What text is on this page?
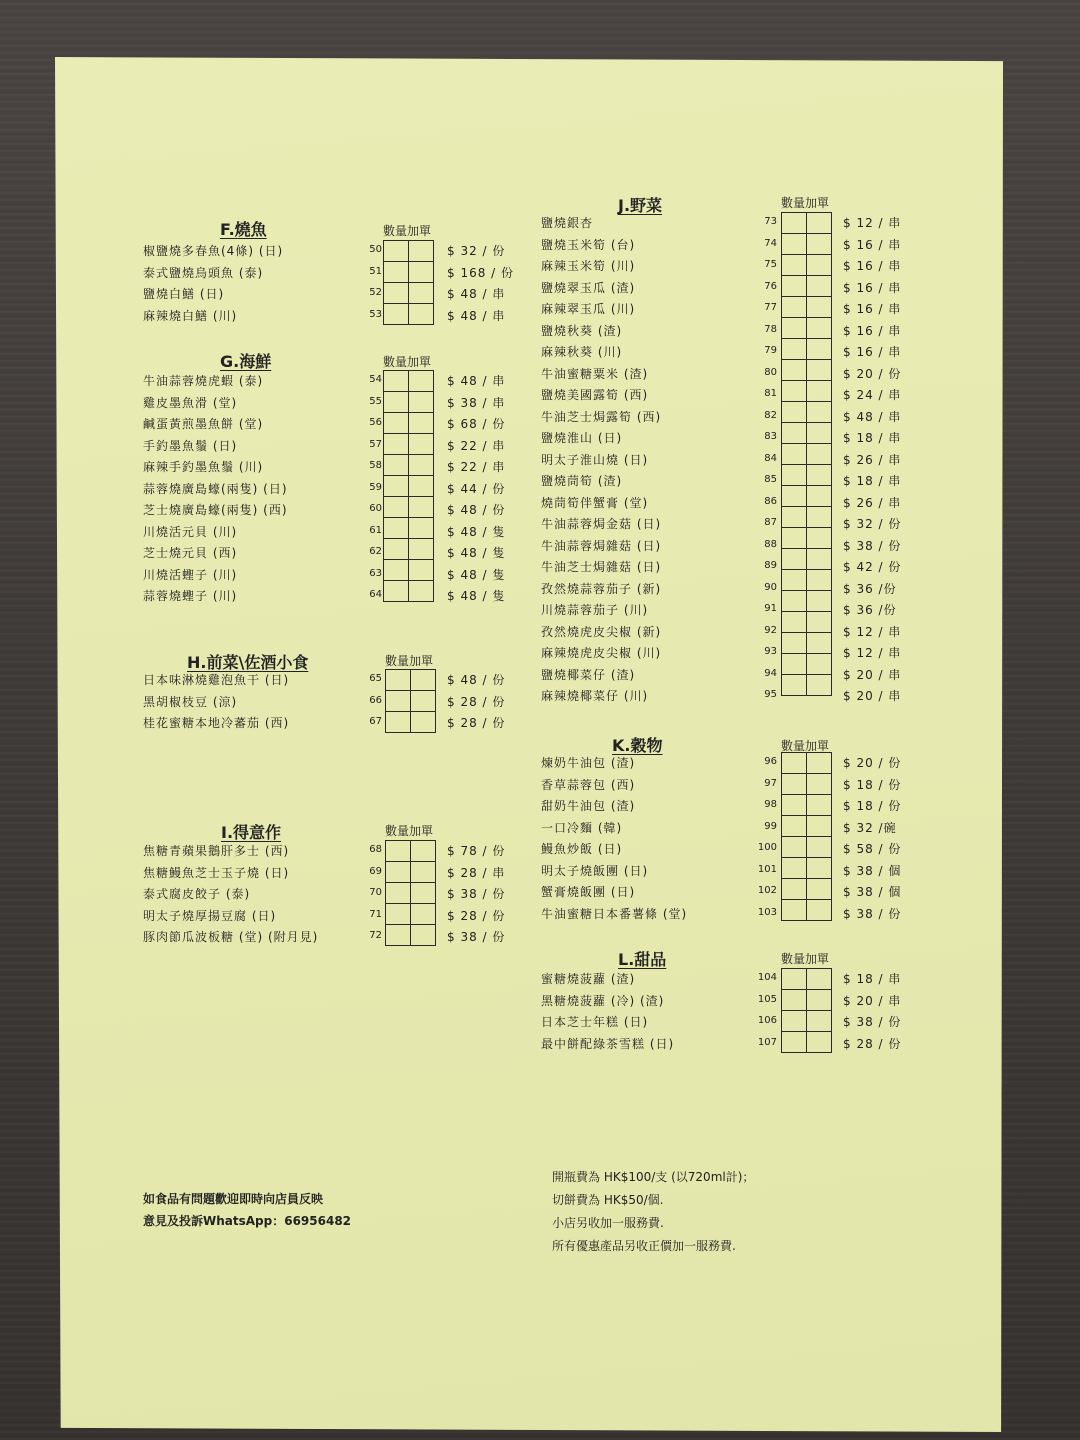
F.燒魚	數量加單
椒鹽燒多春魚(4條) (日)	50	$ 32 / 份
泰式鹽燒烏頭魚 (泰)	51	$ 168 / 份
鹽燒白鱔 (日)	52	$ 48 / 串
麻辣燒白鱔 (川)	53	$ 48 / 串

G.海鮮	數量加單
牛油蒜蓉燒虎蝦 (泰)	54	$ 48 / 串
雞皮墨魚滑 (堂)	55	$ 38 / 串
鹹蛋黃煎墨魚餅 (堂)	56	$ 68 / 份
手釣墨魚鬚 (日)	57	$ 22 / 串
麻辣手釣墨魚鬚 (川)	58	$ 22 / 串
蒜蓉燒廣島蠔(兩隻) (日)	59	$ 44 / 份
芝士燒廣島蠔(兩隻) (西)	60	$ 48 / 份
川燒活元貝 (川)	61	$ 48 / 隻
芝士燒元貝 (西)	62	$ 48 / 隻
川燒活蟶子 (川)	63	$ 48 / 隻
蒜蓉燒蟶子 (川)	64	$ 48 / 隻

H.前菜\佐酒小食	數量加單
日本味淋燒雞泡魚干 (日)	65	$ 48 / 份
黑胡椒枝豆 (涼)	66	$ 28 / 份
桂花蜜糖本地冷蕃茄 (西)	67	$ 28 / 份

I.得意作	數量加單
焦糖青蘋果鵝肝多士 (西)	68	$ 78 / 份
焦糖鰻魚芝士玉子燒 (日)	69	$ 28 / 串
泰式腐皮餃子 (泰)	70	$ 38 / 份
明太子燒厚揚豆腐 (日)	71	$ 28 / 份
豚肉節瓜波板糖 (堂) (附月見)	72	$ 38 / 份

J.野菜	數量加單
鹽燒銀杏	73	$ 12 / 串
鹽燒玉米筍 (台)	74	$ 16 / 串
麻辣玉米筍 (川)	75	$ 16 / 串
鹽燒翠玉瓜 (渣)	76	$ 16 / 串
麻辣翠玉瓜 (川)	77	$ 16 / 串
鹽燒秋葵 (渣)	78	$ 16 / 串
麻辣秋葵 (川)	79	$ 16 / 串
牛油蜜糖粟米 (渣)	80	$ 20 / 份
鹽燒美國露筍 (西)	81	$ 24 / 串
牛油芝士焗露筍 (西)	82	$ 48 / 串
鹽燒淮山 (日)	83	$ 18 / 串
明太子淮山燒 (日)	84	$ 26 / 串
鹽燒茼筍 (渣)	85	$ 18 / 串
燒茼筍伴蟹膏 (堂)	86	$ 26 / 串
牛油蒜蓉焗金菇 (日)	87	$ 32 / 份
牛油蒜蓉焗雜菇 (日)	88	$ 38 / 份
牛油芝士焗雜菇 (日)	89	$ 42 / 份
孜然燒蒜蓉茄子 (新)	90	$ 36 /份
川燒蒜蓉茄子 (川)	91	$ 36 /份
孜然燒虎皮尖椒 (新)	92	$ 12 / 串
麻辣燒虎皮尖椒 (川)	93	$ 12 / 串
鹽燒椰菜仔 (渣)	94	$ 20 / 串
麻辣燒椰菜仔 (川)	95	$ 20 / 串

K.穀物	數量加單
煉奶牛油包 (渣)	96	$ 20 / 份
香草蒜蓉包 (西)	97	$ 18 / 份
甜奶牛油包 (渣)	98	$ 18 / 份
一口冷麵 (韓)	99	$ 32 /碗
鰻魚炒飯 (日)	100	$ 58 / 份
明太子燒飯團 (日)	101	$ 38 / 個
蟹膏燒飯團 (日)	102	$ 38 / 個
牛油蜜糖日本番薯條 (堂)	103	$ 38 / 份

L.甜品	數量加單
蜜糖燒菠蘿 (渣)	104	$ 18 / 串
黑糖燒菠蘿 (冷) (渣)	105	$ 20 / 串
日本芝士年糕 (日)	106	$ 38 / 份
最中餅配綠茶雪糕 (日)	107	$ 28 / 份

如食品有問題歡迎即時向店員反映
意見及投訴WhatsApp：66956482
開瓶費為 HK$100/支 (以720ml計)；
切餅費為 HK$50/個.
小店另收加一服務費.
所有優惠產品另收正價加一服務費.
